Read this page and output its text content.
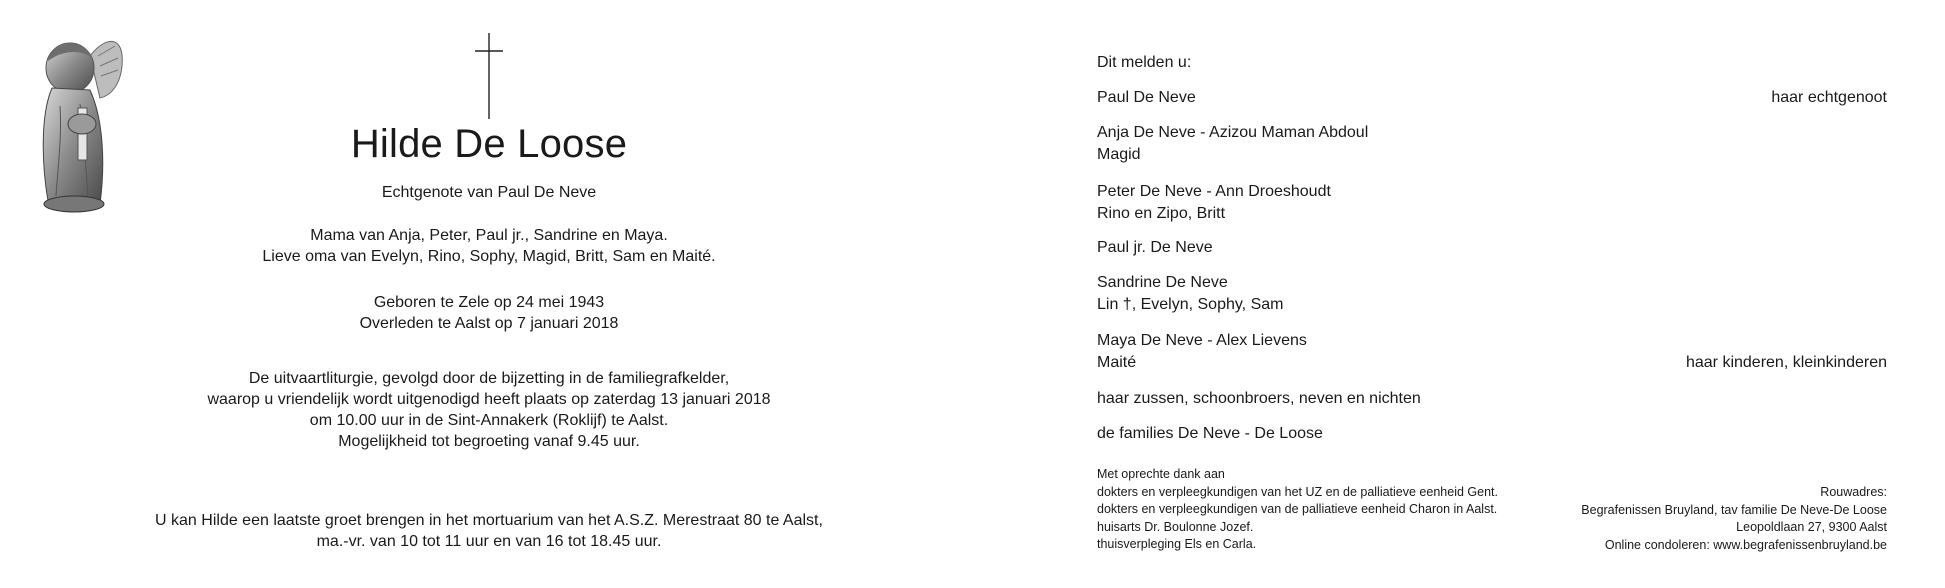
Hilde De Loose
Echtgenote van Paul De Neve
Mama van Anja, Peter, Paul jr., Sandrine en Maya.
Lieve oma van Evelyn, Rino, Sophy, Magid, Britt, Sam en Maité.
Geboren te Zele op 24 mei 1943
Overleden te Aalst op 7 januari 2018
De uitvaartliturgie, gevolgd door de bijzetting in de familiegrafkelder,
waarop u vriendelijk wordt uitgenodigd heeft plaats op zaterdag 13 januari 2018
om 10.00 uur in de Sint-Annakerk (Roklijf) te Aalst.
Mogelijkheid tot begroeting vanaf 9.45 uur.
U kan Hilde een laatste groet brengen in het mortuarium van het A.S.Z. Merestraat 80 te Aalst,
ma.-vr. van 10 tot 11 uur en van 16 tot 18.45 uur.
Dit melden u:
Paul De Neve	haar echtgenoot
Anja De Neve - Azizou Maman Abdoul
Magid
Peter De Neve - Ann Droeshoudt
Rino en Zipo, Britt
Paul jr. De Neve
Sandrine De Neve
Lin †, Evelyn, Sophy, Sam
Maya De Neve - Alex Lievens
Maité	haar kinderen, kleinkinderen
haar zussen, schoonbroers, neven en nichten
de families De Neve - De Loose
Met oprechte dank aan
dokters en verpleegkundigen van het UZ en de palliatieve eenheid Gent.
dokters en verpleegkundigen van de palliatieve eenheid Charon in Aalst.
huisarts Dr. Boulonne Jozef.
thuisverpleging Els en Carla.
Rouwadres:
Begrafenissen Bruyland, tav familie De Neve-De Loose
Leopoldlaan 27, 9300 Aalst
Online condoleren: www.begrafenissenbruyland.be
